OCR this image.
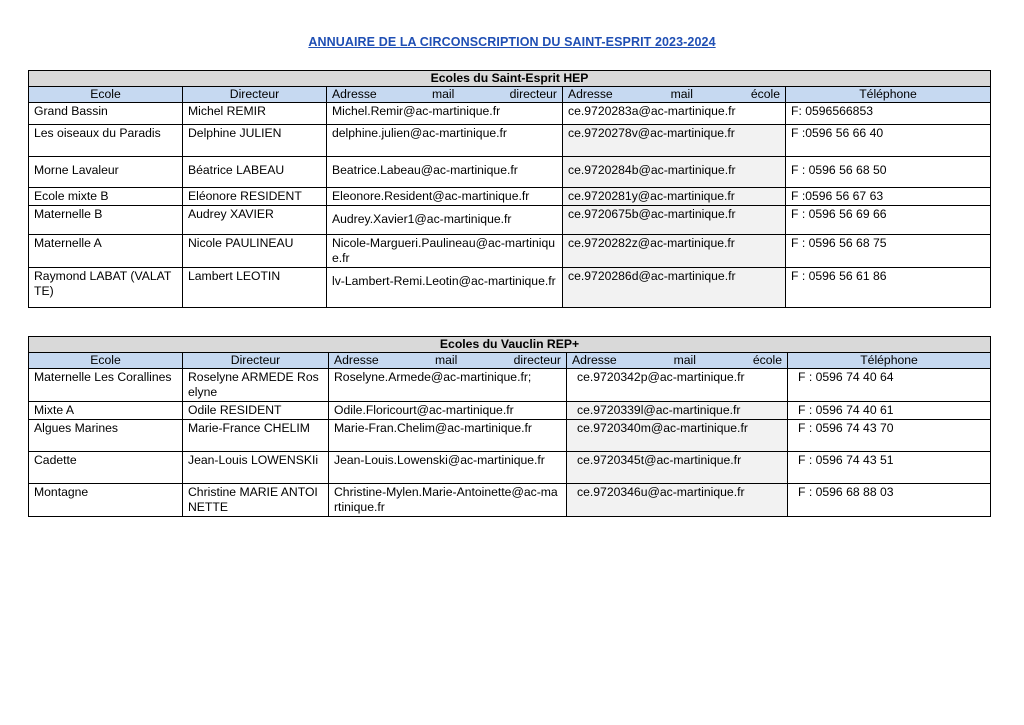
ANNUAIRE DE LA CIRCONSCRIPTION DU SAINT-ESPRIT 2023-2024
Ecoles du Saint-Esprit HEP				
Ecole	Directeur	Adresse mail directeur	Adresse mail école	Téléphone
Grand Bassin	Michel REMIR	Michel.Remir@ac-martinique.fr	ce.9720283a@ac-martinique.fr	F: 0596566853
Les oiseaux du Paradis	Delphine JULIEN	delphine.julien@ac-martinique.fr	ce.9720278v@ac-martinique.fr	F :0596 56 66 40
Morne Lavaleur	Béatrice LABEAU	Beatrice.Labeau@ac-martinique.fr	ce.9720284b@ac-martinique.fr	F : 0596 56 68 50
Ecole mixte B	Eléonore RESIDENT	Eleonore.Resident@ac-martinique.fr	ce.9720281y@ac-martinique.fr	F :0596 56 67 63
Maternelle B	Audrey XAVIER	Audrey.Xavier1@ac-martinique.fr	ce.9720675b@ac-martinique.fr	F : 0596 56 69 66
Maternelle A	Nicole PAULINEAU	Nicole-Margueri.Paulineau@ac-martinique.fr	ce.9720282z@ac-martinique.fr	F : 0596 56 68 75
Raymond LABAT (VALATTE)	Lambert LEOTIN	lv-Lambert-Remi.Leotin@ac-martinique.fr	ce.9720286d@ac-martinique.fr	F : 0596 56 61 86
Ecoles du Vauclin REP+				
Ecole	Directeur	Adresse mail directeur	Adresse mail école	Téléphone
Maternelle Les Corallines	Roselyne ARMEDE Roselyne	Roselyne.Armede@ac-martinique.fr;	ce.9720342p@ac-martinique.fr	F : 0596 74 40 64
Mixte A	Odile RESIDENT	Odile.Floricourt@ac-martinique.fr	ce.9720339l@ac-martinique.fr	F : 0596 74 40 61
Algues Marines	Marie-France CHELIM	Marie-Fran.Chelim@ac-martinique.fr	ce.9720340m@ac-martinique.fr	F : 0596 74 43 70
Cadette	Jean-Louis LOWENSKIi	Jean-Louis.Lowenski@ac-martinique.fr	ce.9720345t@ac-martinique.fr	F : 0596 74 43 51
Montagne	Christine MARIE ANTOINETTE	Christine-Mylen.Marie-Antoinette@ac-martinique.fr	ce.9720346u@ac-martinique.fr	F : 0596 68 88 03
